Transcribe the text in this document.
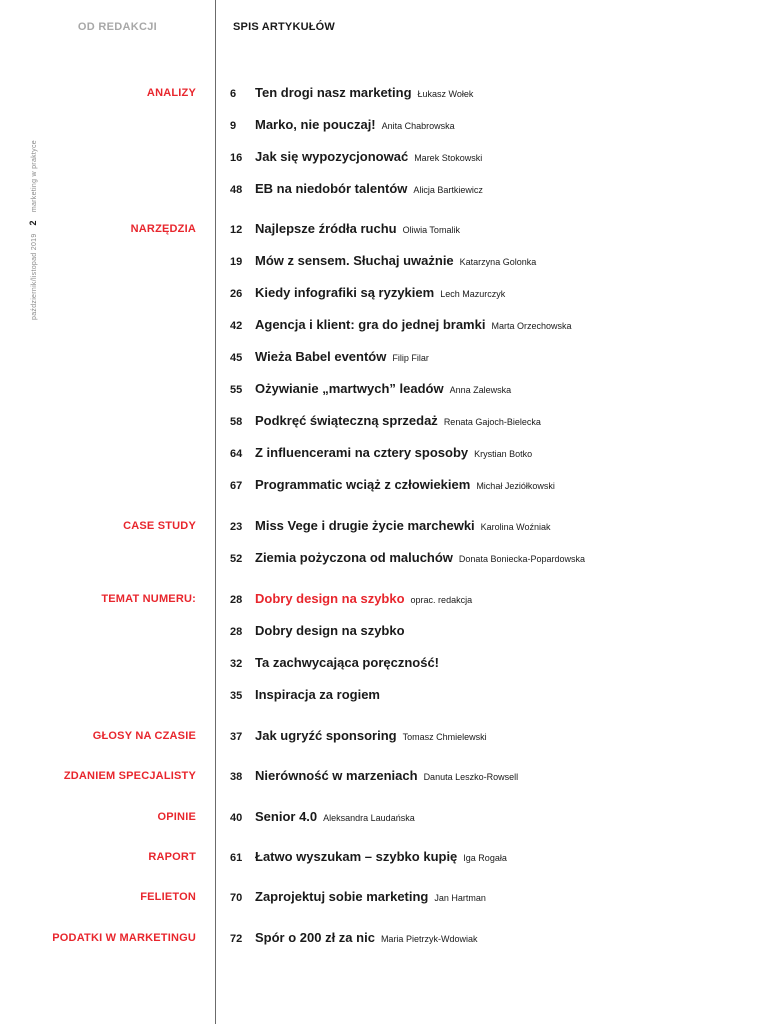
OD REDAKCJI	SPIS ARTYKUŁÓW
październik/listopad 20192marketing w praktyce
ANALIZY	6	Ten drogi nasz marketing Łukasz Wołek
9	Marko, nie pouczaj! Anita Chabrowska
16 Jak się wypozycjonować Marek Stokowski
48 EB na niedobór talentów Alicja Bartkiewicz
NARZĘDZIA	12 Najlepsze źródła ruchu Oliwia Tomalik
19 Mów z sensem. Słuchaj uważnie Katarzyna Golonka
26 Kiedy infografiki są ryzykiem Lech Mazurczyk
42 Agencja i klient: gra do jednej bramki Marta Orzechowska
45 Wieża Babel eventów Filip Filar
55 Ożywianie „martwych” leadów Anna Zalewska
58 Podkręć świąteczną sprzedaż Renata Gajoch-Bielecka
64 Z influencerami na cztery sposoby Krystian Botko
67 Programmatic wciąż z człowiekiem Michał Jeziółkowski
CASE STUDY	23 Miss Vege i drugie życie marchewki Karolina Woźniak
52 Ziemia pożyczona od maluchów Donata Boniecka-Popardowska
TEMAT NUMERU:	28 Dobry design na szybko oprac. redakcja
28 Dobry design na szybko
32 Ta zachwycająca poręczność!
35 Inspiracja za rogiem
GŁOSY NA CZASIE	37 Jak ugryźć sponsoring Tomasz Chmielewski
ZDANIEM SPECJALISTY	38 Nierówność w marzeniach Danuta Leszko-Rowsell
OPINIE	40 Senior 4.0 Aleksandra Laudańska
RAPORT	61 Łatwo wyszukam – szybko kupię Iga Rogała
FELIETON	70 Zaprojektuj sobie marketing Jan Hartman
PODATKI W MARKETINGU	72 Spór o 200 zł za nic Maria Pietrzyk-Wdowiak
